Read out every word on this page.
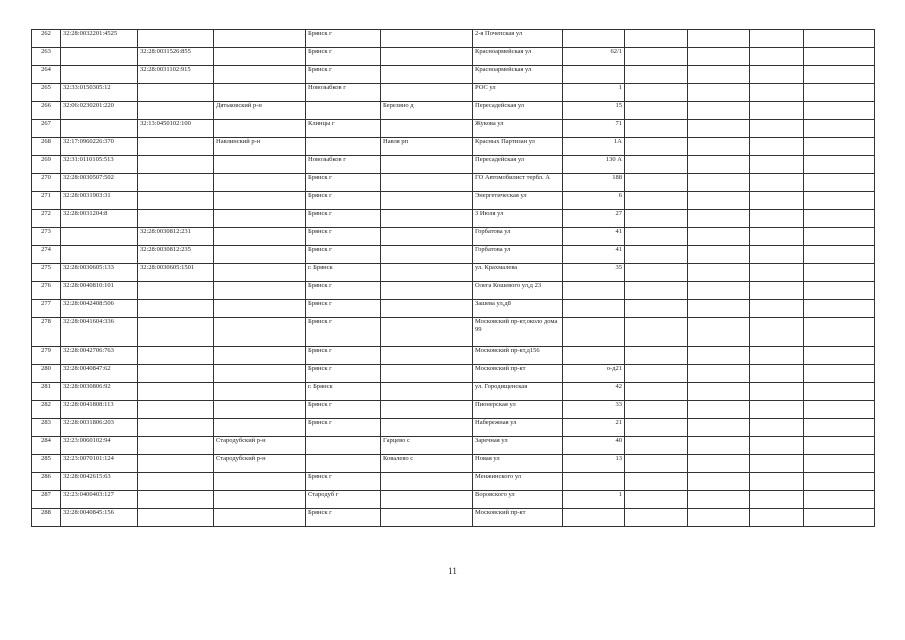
262	32:28:0032201:4525			Брянск г		2-я Почепская ул					
263		32:28:0031526:855		Брянск г		Красноармейская ул	62/1				
264		32:28:0031102:915		Брянск г		Красноармейская ул					
265	32:33:0150305:12			Новозыбков г		РОС ул	1				
266	32:06:0230201:220		Дятьковский р-н		Березино д	Пересадейская ул	15				
267		32:13:0450102:100		Клинцы г		Жукова ул	71				
268	32:17:0960226:370		Навлинский р-н		Навля рп	Красных Партизан ул	1А				
269	32:31:0110105:513			Новозыбков г		Пересадейская ул	130 А				
270	32:28:0030507:502			Брянск г		ГО Автомобилист тербл. А	188				
271	32:28:0031903:31			Брянск г		Энергетическая ул	6				
272	32:28:0031204:8			Брянск г		3 Июля ул	27				
273		32:28:0030812:231		Брянск г		Горбатова ул	41				
274		32:28:0030812:235		Брянск г		Горбатова ул	41				
275	32:28:0030605:133	32:28:0030605:1501		г. Брянск		ул. Крахмалева	35				
276	32:28:0040810:101			Брянск г		Олега Кошевого ул,д 23					
277	32:28:0042408:506			Брянск г		Зашева ул,д8					
278	32:28:0041604:336			Брянск г		Московский пр-кт,около дома 99					
279	32:28:0042706:763			Брянск г		Московский пр-кт,д156					
280	32:28:0040847:62			Брянск г		Московский пр-кт	о-д21				
281	32:28:0030806:92			г. Брянск		ул. Городищенская	42				
282	32:28:0041808:113			Брянск г		Пионерская ул	33				
283	32:28:0031806:203			Брянск г		Набережная ул	21				
284	32:23:0060102:94		Стародубский р-н		Гарцево с	Заречная ул	40				
285	32:23:0070101:124		Стародубский р-н		Ковалево с	Новая ул	13				
286	32:28:0042615:63			Брянск г		Менжинского ул					
287	32:23:0400403:127			Стародуб г		Воровского ул	1				
288	32:28:0040845:156			Брянск г		Московский пр-кт					
11
